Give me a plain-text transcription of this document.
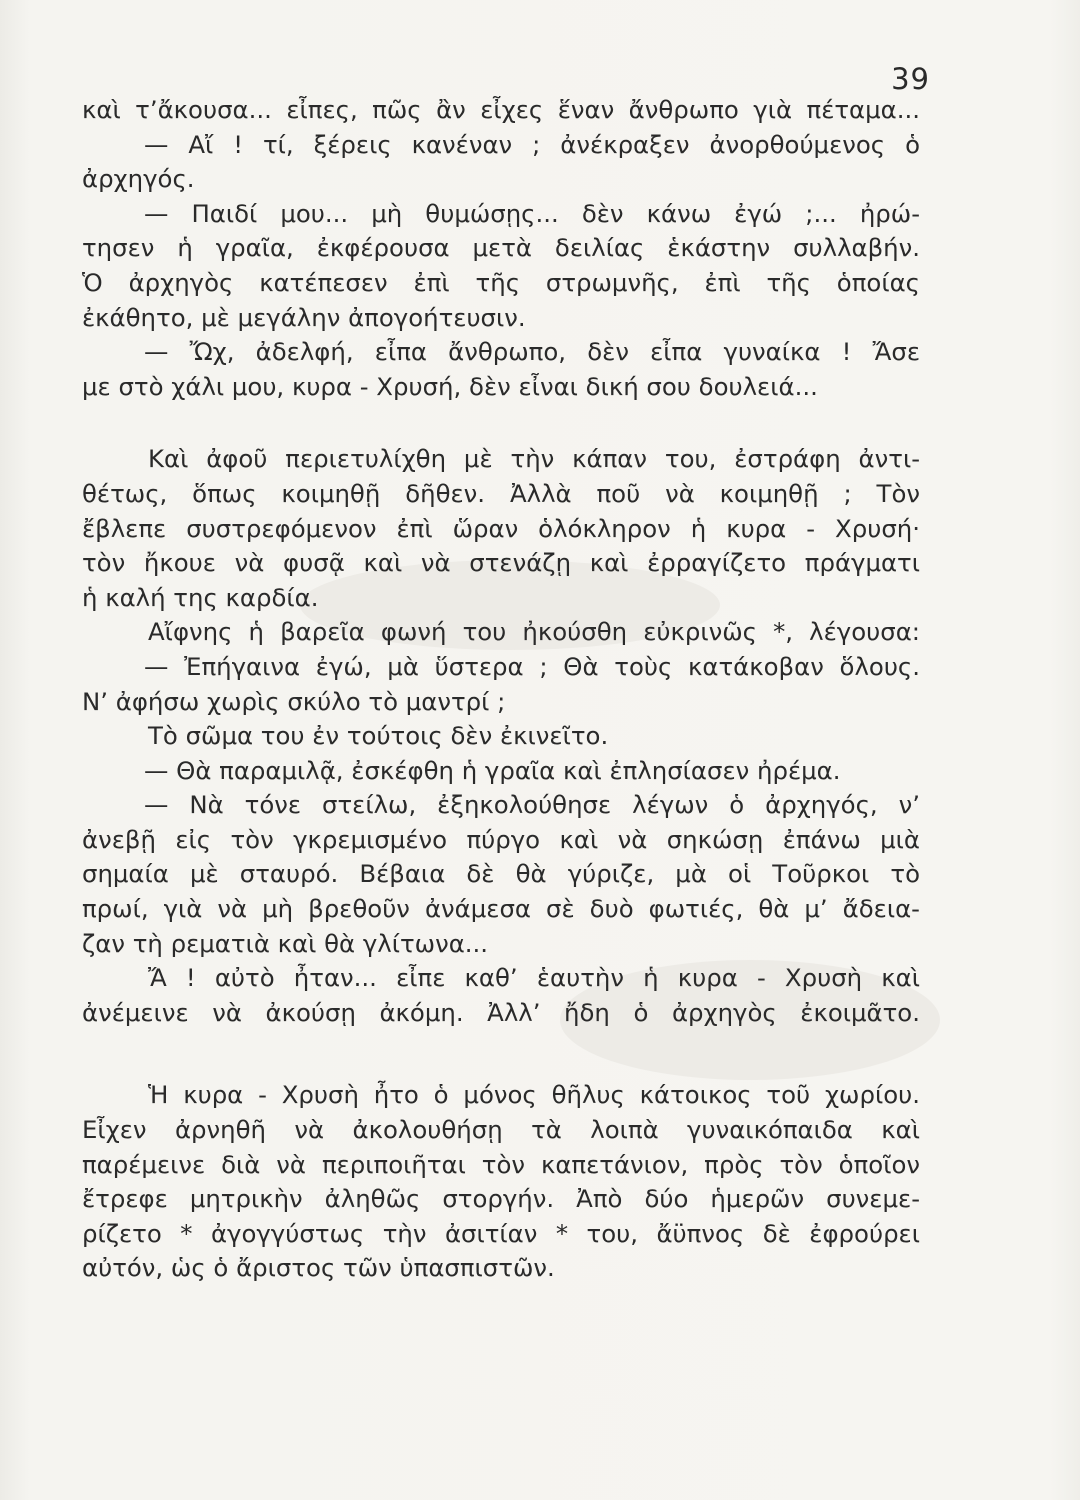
39
καὶ τ’ἄκουσα... εἶπες, πῶς ἂν εἶχες ἕναν ἄνθρωπο γιὰ πέταμα...
— Αἴ ! τί, ξέρεις κανέναν ; ἀνέκραξεν ἀνορθούμενος ὁ
ἀρχηγός.
— Παιδί μου... μὴ θυμώσῃς... δὲν κάνω ἐγώ ;... ἠρώ-
τησεν ἡ γραῖα, ἐκφέρουσα μετὰ δειλίας ἑκάστην συλλαβήν.
Ὁ ἀρχηγὸς κατέπεσεν ἐπὶ τῆς στρωμνῆς, ἐπὶ τῆς ὁποίας
ἐκάθητο, μὲ μεγάλην ἀπογοήτευσιν.
— Ὤχ, ἀδελφή, εἶπα ἄνθρωπο, δὲν εἶπα γυναίκα ! Ἄσε
με στὸ χάλι μου, κυρα - Χρυσή, δὲν εἶναι δική σου δουλειά...
Καὶ ἀφοῦ περιετυλίχθη μὲ τὴν κάπαν του, ἐστράφη ἀντι-
θέτως, ὅπως κοιμηθῇ δῆθεν. Ἀλλὰ ποῦ νὰ κοιμηθῇ ; Τὸν
ἔβλεπε συστρεφόμενον ἐπὶ ὥραν ὁλόκληρον ἡ κυρα - Χρυσή·
τὸν ἤκουε νὰ φυσᾷ καὶ νὰ στενάζῃ καὶ ἐρραγίζετο πράγματι
ἡ καλή της καρδία.
Αἴφνης ἡ βαρεῖα φωνή του ἠκούσθη εὐκρινῶς *, λέγουσα:
— Ἐπήγαινα ἐγώ, μὰ ὕστερα ; Θὰ τοὺς κατάκοβαν ὅλους.
Ν’ ἀφήσω χωρὶς σκύλο τὸ μαντρί ;
Τὸ σῶμα του ἐν τούτοις δὲν ἐκινεῖτο.
— Θὰ παραμιλᾷ, ἐσκέφθη ἡ γραῖα καὶ ἐπλησίασεν ἠρέμα.
— Νὰ τόνε στείλω, ἐξηκολούθησε λέγων ὁ ἀρχηγός, ν’
ἀνεβῇ εἰς τὸν γκρεμισμένο πύργο καὶ νὰ σηκώσῃ ἐπάνω μιὰ
σημαία μὲ σταυρό. Βέβαια δὲ θὰ γύριζε, μὰ οἱ Τοῦρκοι τὸ
πρωί, γιὰ νὰ μὴ βρεθοῦν ἀνάμεσα σὲ δυὸ φωτιές, θὰ μ’ ἄδεια-
ζαν τὴ ρεματιὰ καὶ θὰ γλίτωνα...
Ἄ ! αὐτὸ ἦταν... εἶπε καθ’ ἑαυτὴν ἡ κυρα - Χρυσὴ καὶ
ἀνέμεινε νὰ ἀκούσῃ ἀκόμη. Ἀλλ’ ἤδη ὁ ἀρχηγὸς ἐκοιμᾶτο.
Ἡ κυρα - Χρυσὴ ἦτο ὁ μόνος θῆλυς κάτοικος τοῦ χωρίου.
Εἶχεν ἀρνηθῆ νὰ ἀκολουθήσῃ τὰ λοιπὰ γυναικόπαιδα καὶ
παρέμεινε διὰ νὰ περιποιῆται τὸν καπετάνιον, πρὸς τὸν ὁποῖον
ἔτρεφε μητρικὴν ἀληθῶς στοργήν. Ἀπὸ δύο ἡμερῶν συνεμε-
ρίζετο * ἀγογγύστως τὴν ἀσιτίαν * του, ἄϋπνος δὲ ἐφρούρει
αὐτόν, ὡς ὁ ἄριστος τῶν ὑπασπιστῶν.
